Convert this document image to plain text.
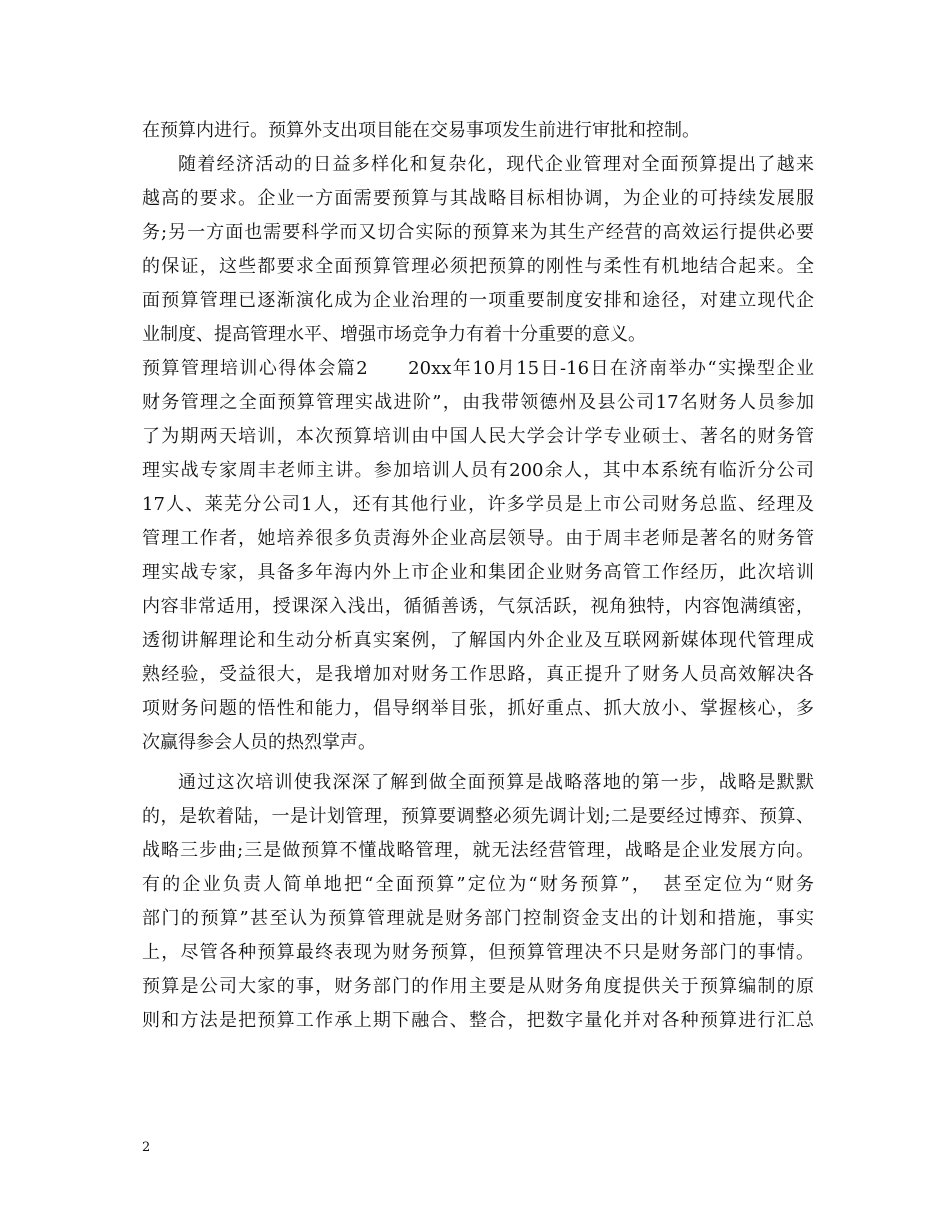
在预算内进行。预算外支出项目能在交易事项发生前进行审批和控制。
随着经济活动的日益多样化和复杂化，现代企业管理对全面预算提出了越来
越高的要求。企业一方面需要预算与其战略目标相协调，为企业的可持续发展服
务;另一方面也需要科学而又切合实际的预算来为其生产经营的高效运行提供必要
的保证，这些都要求全面预算管理必须把预算的刚性与柔性有机地结合起来。全
面预算管理已逐渐演化成为企业治理的一项重要制度安排和途径，对建立现代企
业制度、提高管理水平、增强市场竞争力有着十分重要的意义。
预算管理培训心得体会篇2　　20xx年10月15日-16日在济南举办“实操型企业
财务管理之全面预算管理实战进阶”，由我带领德州及县公司17名财务人员参加
了为期两天培训，本次预算培训由中国人民大学会计学专业硕士、著名的财务管
理实战专家周丰老师主讲。参加培训人员有200余人，其中本系统有临沂分公司
17人、莱芜分公司1人，还有其他行业，许多学员是上市公司财务总监、经理及
管理工作者，她培养很多负责海外企业高层领导。由于周丰老师是著名的财务管
理实战专家，具备多年海内外上市企业和集团企业财务高管工作经历，此次培训
内容非常适用，授课深入浅出，循循善诱，气氛活跃，视角独特，内容饱满缜密，
透彻讲解理论和生动分析真实案例，了解国内外企业及互联网新媒体现代管理成
熟经验，受益很大，是我增加对财务工作思路，真正提升了财务人员高效解决各
项财务问题的悟性和能力，倡导纲举目张，抓好重点、抓大放小、掌握核心，多
次赢得参会人员的热烈掌声。
通过这次培训使我深深了解到做全面预算是战略落地的第一步，战略是默默
的，是软着陆，一是计划管理，预算要调整必须先调计划;二是要经过博弈、预算、
战略三步曲;三是做预算不懂战略管理，就无法经营管理，战略是企业发展方向。
有的企业负责人简单地把“全面预算”定位为“财务预算”，　甚至定位为“财务
部门的预算”甚至认为预算管理就是财务部门控制资金支出的计划和措施，事实
上，尽管各种预算最终表现为财务预算，但预算管理决不只是财务部门的事情。
预算是公司大家的事，财务部门的作用主要是从财务角度提供关于预算编制的原
则和方法是把预算工作承上期下融合、整合，把数字量化并对各种预算进行汇总
2
